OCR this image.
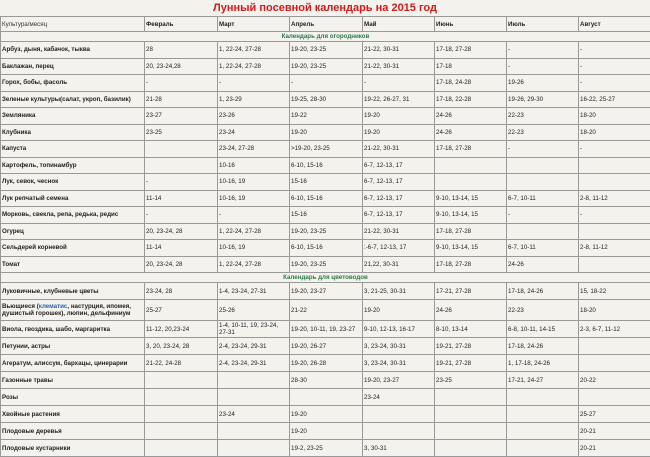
Лунный посевной календарь на 2015 год
Культура/месяц	Февраль	Март	Апрель	Май	Июнь	Июль	Август
Календарь для огородников							
Арбуз, дыня, кабачок, тыква	28	1, 22-24, 27-28	19-20, 23-25	21-22, 30-31	17-18, 27-28	-	-
Баклажан, перец	20, 23-24,28	1, 22-24, 27-28	19-20, 23-25	21-22, 30-31	17-18	-	-
Горох, бобы, фасоль	-	-	-	-	17-18, 24-28	19-26	-
Зеленые культуры(салат, укроп, базилик)	21-28	1, 23-29	19-25, 28-30	19-22, 26-27, 31	17-18, 22-28	19-26, 29-30	16-22, 25-27
Земляника	23-27	23-26	19-22	19-20	24-26	22-23	18-20
Клубника	23-25	23-24	19-20	19-20	24-26	22-23	18-20
Капуста		23-24, 27-28	>19-20, 23-25	21-22, 30-31	17-18, 27-28	-	-
Картофель, топинамбур		10-16	6-10, 15-16	6-7, 12-13, 17			
Лук, севок, чеснок	-	10-16, 19	15-16	6-7, 12-13, 17			
Лук репчатый семена	11-14	10-16, 19	6-10, 15-16	6-7, 12-13, 17	9-10, 13-14, 15	6-7, 10-11	2-8, 11-12
Морковь, свекла, репа, редька, редис	-	-	15-16	6-7, 12-13, 17	9-10, 13-14, 15	-	-
Огурец	20, 23-24, 28	1, 22-24, 27-28	19-20, 23-25	21-22, 30-31	17-18, 27-28		
Сельдерей корневой	11-14	10-16, 19	6-10, 15-16	:-6-7, 12-13, 17	9-10, 13-14, 15	6-7, 10-11	2-8, 11-12
Томат	20, 23-24, 28	1, 22-24, 27-28	19-20, 23-25	21,22, 30-31	17-18, 27-28	24-26	
Календарь для цветоводов							
Луковичные, клубневые цветы	23-24, 28	1-4, 23-24, 27-31	19-20, 23-27	3, 21-25, 30-31	17-21, 27-28	17-18, 24-26	15, 18-22
Вьющиеся (клематис, настурция, ипомея, душистый горошек), люпин, дельфиниум	25-27	25-26	21-22	19-20	24-26	22-23	18-20
Виола, гвоздика, шабо, маргаритка	11-12, 20,23-24	1-4, 10-11, 19, 23-24, 27-31	19-20, 10-11, 19, 23-27	9-10, 12-13, 16-17	8-10, 13-14	6-8, 10-11, 14-15	2-3, 6-7, 11-12
Петунии, астры	3, 20, 23-24, 28	2-4, 23-24, 29-31	19-20, 26-27	3, 23-24, 30-31	19-21, 27-28	17-18, 24-26	
Агератум, алиссум, бархацы, цинерарии	21-22, 24-28	2-4, 23-24, 29-31	19-20, 26-28	3, 23-24, 30-31	19-21, 27-28	1, 17-18, 24-26	
Газонные травы			28-30	19-20, 23-27	23-25	17-21, 24-27	20-22
Розы				23-24			
Хвойные растения		23-24	19-20				25-27
Плодовые деревья			19-20				20-21
Плодовые кустарники			19-2, 23-25	3, 30-31			20-21
